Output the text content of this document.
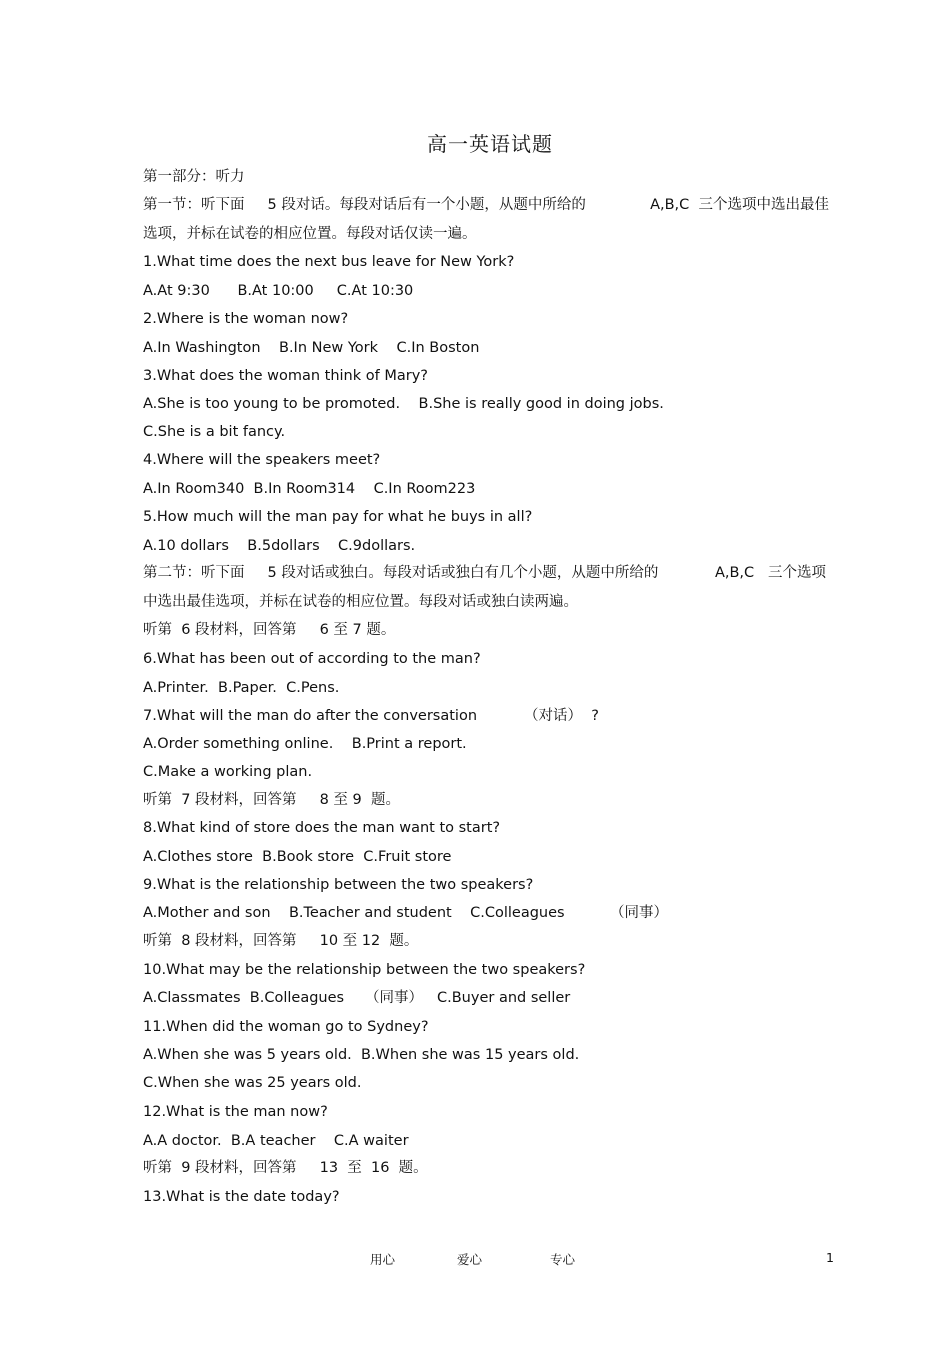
高一英语试题
第一部分：听力
第一节：听下面     5 段对话。每段对话后有一个小题，从题中所给的	A,B,C  三个选项中选出最佳
选项，并标在试卷的相应位置。每段对话仅读一遍。
1.What time does the next bus leave for New York?
A.At 9:30      B.At 10:00     C.At 10:30
2.Where is the woman now?
A.In Washington    B.In New York    C.In Boston
3.What does the woman think of Mary?
A.She is too young to be promoted.    B.She is really good in doing jobs.
C.She is a bit fancy.
4.Where will the speakers meet?
A.In Room340  B.In Room314    C.In Room223
5.How much will the man pay for what he buys in all?
A.10 dollars    B.5dollars    C.9dollars.
第二节：听下面     5 段对话或独白。每段对话或独白有几个小题，从题中所给的	A,B,C   三个选项
中选出最佳选项，并标在试卷的相应位置。每段对话或独白读两遍。
听第  6 段材料，回答第     6 至 7 题。
6.What has been out of according to the man?
A.Printer.  B.Paper.  C.Pens.
7.What will the man do after the conversation	（对话）  ?
A.Order something online.    B.Print a report.
C.Make a working plan.
听第  7 段材料，回答第     8 至 9  题。
8.What kind of store does the man want to start?
A.Clothes store  B.Book store  C.Fruit store
9.What is the relationship between the two speakers?
A.Mother and son    B.Teacher and student    C.Colleagues	（同事）
听第  8 段材料，回答第     10 至 12  题。
10.What may be the relationship between the two speakers?
A.Classmates  B.Colleagues （同事） C.Buyer and seller
11.When did the woman go to Sydney?
A.When she was 5 years old.  B.When she was 15 years old.
C.When she was 25 years old.
12.What is the man now?
A.A doctor.  B.A teacher    C.A waiter
听第  9 段材料，回答第     13  至  16  题。
13.What is the date today?
用心	爱心	专心	1
